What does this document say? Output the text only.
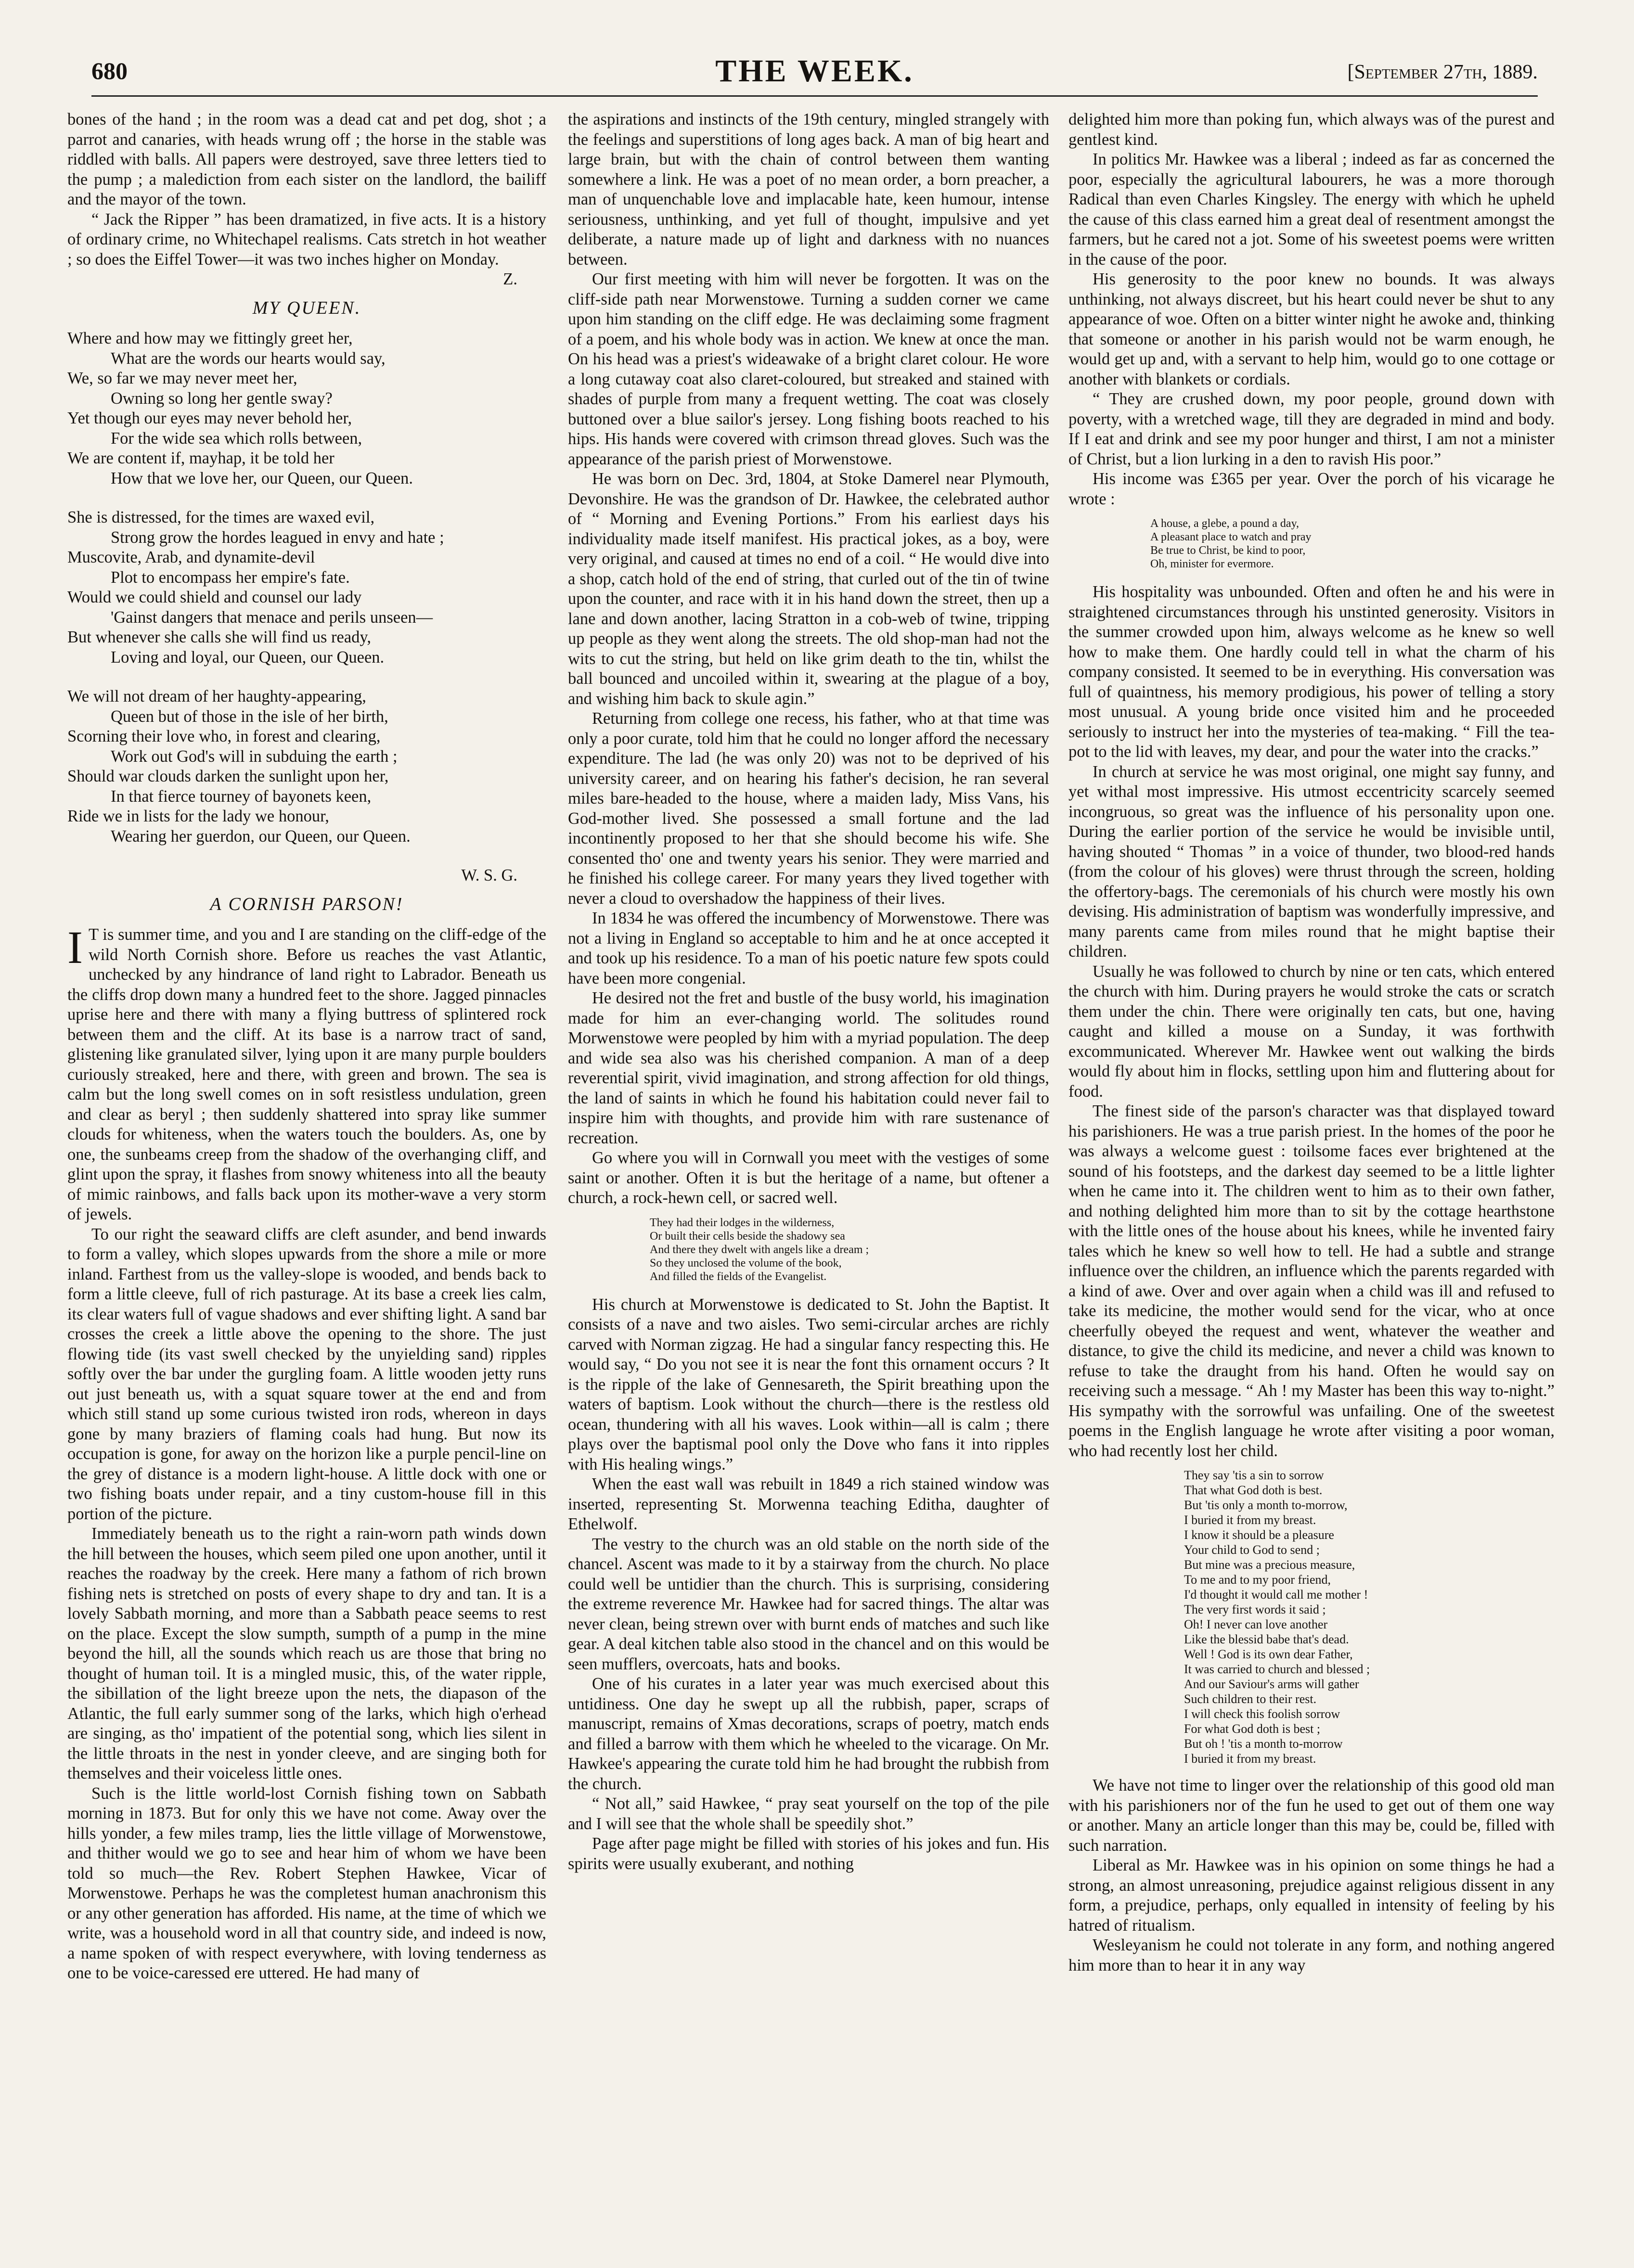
680	THE WEEK.	[September 27th, 1889.

bones of the hand ; in the room was a dead cat and pet dog, shot ; a parrot and canaries, with heads wrung off ; the horse in the stable was riddled with balls. All papers were destroyed, save three letters tied to the pump ; a malediction from each sister on the landlord, the bailiff and the mayor of the town.

“ Jack the Ripper ” has been dramatized, in five acts. It is a history of ordinary crime, no Whitechapel realisms. Cats stretch in hot weather ; so does the Eiffel Tower—it was two inches higher on Monday.

Z.
MY QUEEN.
Where and how may we fittingly greet her,
What are the words our hearts would say,
We, so far we may never meet her,
Owning so long her gentle sway?
Yet though our eyes may never behold her,
For the wide sea which rolls between,
We are content if, mayhap, it be told her
How that we love her, our Queen, our Queen.
She is distressed, for the times are waxed evil,
Strong grow the hordes leagued in envy and hate ;
Muscovite, Arab, and dynamite-devil
Plot to encompass her empire's fate.
Would we could shield and counsel our lady
'Gainst dangers that menace and perils unseen—
But whenever she calls she will find us ready,
Loving and loyal, our Queen, our Queen.
We will not dream of her haughty-appearing,
Queen but of those in the isle of her birth,
Scorning their love who, in forest and clearing,
Work out God's will in subduing the earth ;
Should war clouds darken the sunlight upon her,
In that fierce tourney of bayonets keen,
Ride we in lists for the lady we honour,
Wearing her guerdon, our Queen, our Queen.
W. S. G.
A CORNISH PARSON!

I T is summer time, and you and I are standing on the cliff-edge of the wild North Cornish shore. Before us reaches the vast Atlantic, unchecked by any hindrance of land right to Labrador. Beneath us the cliffs drop down many a hundred feet to the shore. Jagged pinnacles uprise here and there with many a flying buttress of splintered rock between them and the cliff. At its base is a narrow tract of sand, glistening like granulated silver, lying upon it are many purple boulders curiously streaked, here and there, with green and brown. The sea is calm but the long swell comes on in soft resistless undulation, green and clear as beryl ; then suddenly shattered into spray like summer clouds for whiteness, when the waters touch the boulders. As, one by one, the sunbeams creep from the shadow of the overhanging cliff, and glint upon the spray, it flashes from snowy whiteness into all the beauty of mimic rainbows, and falls back upon its mother-wave a very storm of jewels.

To our right the seaward cliffs are cleft asunder, and bend inwards to form a valley, which slopes upwards from the shore a mile or more inland. Farthest from us the valley-slope is wooded, and bends back to form a little cleeve, full of rich pasturage. At its base a creek lies calm, its clear waters full of vague shadows and ever shifting light. A sand bar crosses the creek a little above the opening to the shore. The just flowing tide (its vast swell checked by the unyielding sand) ripples softly over the bar under the gurgling foam. A little wooden jetty runs out just beneath us, with a squat square tower at the end and from which still stand up some curious twisted iron rods, whereon in days gone by many braziers of flaming coals had hung. But now its occupation is gone, for away on the horizon like a purple pencil-line on the grey of distance is a modern light-house. A little dock with one or two fishing boats under repair, and a tiny custom-house fill in this portion of the picture.

Immediately beneath us to the right a rain-worn path winds down the hill between the houses, which seem piled one upon another, until it reaches the roadway by the creek. Here many a fathom of rich brown fishing nets is stretched on posts of every shape to dry and tan. It is a lovely Sabbath morning, and more than a Sabbath peace seems to rest on the place. Except the slow sumpth, sumpth of a pump in the mine beyond the hill, all the sounds which reach us are those that bring no thought of human toil. It is a mingled music, this, of the water ripple, the sibillation of the light breeze upon the nets, the diapason of the Atlantic, the full early summer song of the larks, which high o'erhead are singing, as tho' impatient of the potential song, which lies silent in the little throats in the nest in yonder cleeve, and are singing both for themselves and their voiceless little ones.

Such is the little world-lost Cornish fishing town on Sabbath morning in 1873. But for only this we have not come. Away over the hills yonder, a few miles tramp, lies the little village of Morwenstowe, and thither would we go to see and hear him of whom we have been told so much—the Rev. Robert Stephen Hawkee, Vicar of Morwenstowe. Perhaps he was the completest human anachronism this or any other generation has afforded. His name, at the time of which we write, was a household word in all that country side, and indeed is now, a name spoken of with respect everywhere, with loving tenderness as one to be voice-caressed ere uttered. He had many of

the aspirations and instincts of the 19th century, mingled strangely with the feelings and superstitions of long ages back. A man of big heart and large brain, but with the chain of control between them wanting somewhere a link. He was a poet of no mean order, a born preacher, a man of unquenchable love and implacable hate, keen humour, intense seriousness, unthinking, and yet full of thought, impulsive and yet deliberate, a nature made up of light and darkness with no nuances between.

Our first meeting with him will never be forgotten. It was on the cliff-side path near Morwenstowe. Turning a sudden corner we came upon him standing on the cliff edge. He was declaiming some fragment of a poem, and his whole body was in action. We knew at once the man. On his head was a priest's wideawake of a bright claret colour. He wore a long cutaway coat also claret-coloured, but streaked and stained with shades of purple from many a frequent wetting. The coat was closely buttoned over a blue sailor's jersey. Long fishing boots reached to his hips. His hands were covered with crimson thread gloves. Such was the appearance of the parish priest of Morwenstowe.

He was born on Dec. 3rd, 1804, at Stoke Damerel near Plymouth, Devonshire. He was the grandson of Dr. Hawkee, the celebrated author of “ Morning and Evening Portions.” From his earliest days his individuality made itself manifest. His practical jokes, as a boy, were very original, and caused at times no end of a coil. “ He would dive into a shop, catch hold of the end of string, that curled out of the tin of twine upon the counter, and race with it in his hand down the street, then up a lane and down another, lacing Stratton in a cob-web of twine, tripping up people as they went along the streets. The old shop-man had not the wits to cut the string, but held on like grim death to the tin, whilst the ball bounced and uncoiled within it, swearing at the plague of a boy, and wishing him back to skule agin.”

Returning from college one recess, his father, who at that time was only a poor curate, told him that he could no longer afford the necessary expenditure. The lad (he was only 20) was not to be deprived of his university career, and on hearing his father's decision, he ran several miles bare-headed to the house, where a maiden lady, Miss Vans, his God-mother lived. She possessed a small fortune and the lad incontinently proposed to her that she should become his wife. She consented tho' one and twenty years his senior. They were married and he finished his college career. For many years they lived together with never a cloud to overshadow the happiness of their lives.

In 1834 he was offered the incumbency of Morwenstowe. There was not a living in England so acceptable to him and he at once accepted it and took up his residence. To a man of his poetic nature few spots could have been more congenial.

He desired not the fret and bustle of the busy world, his imagination made for him an ever-changing world. The solitudes round Morwenstowe were peopled by him with a myriad population. The deep and wide sea also was his cherished companion. A man of a deep reverential spirit, vivid imagination, and strong affection for old things, the land of saints in which he found his habitation could never fail to inspire him with thoughts, and provide him with rare sustenance of recreation.

Go where you will in Cornwall you meet with the vestiges of some saint or another. Often it is but the heritage of a name, but oftener a church, a rock-hewn cell, or sacred well.

They had their lodges in the wilderness,
Or built their cells beside the shadowy sea
And there they dwelt with angels like a dream ;
So they unclosed the volume of the book,
And filled the fields of the Evangelist.

His church at Morwenstowe is dedicated to St. John the Baptist. It consists of a nave and two aisles. Two semi-circular arches are richly carved with Norman zigzag. He had a singular fancy respecting this. He would say, “ Do you not see it is near the font this ornament occurs ? It is the ripple of the lake of Gennesareth, the Spirit breathing upon the waters of baptism. Look without the church—there is the restless old ocean, thundering with all his waves. Look within—all is calm ; there plays over the baptismal pool only the Dove who fans it into ripples with His healing wings.”

When the east wall was rebuilt in 1849 a rich stained window was inserted, representing St. Morwenna teaching Editha, daughter of Ethelwolf.

The vestry to the church was an old stable on the north side of the chancel. Ascent was made to it by a stairway from the church. No place could well be untidier than the church. This is surprising, considering the extreme reverence Mr. Hawkee had for sacred things. The altar was never clean, being strewn over with burnt ends of matches and such like gear. A deal kitchen table also stood in the chancel and on this would be seen mufflers, overcoats, hats and books.

One of his curates in a later year was much exercised about this untidiness. One day he swept up all the rubbish, paper, scraps of manuscript, remains of Xmas decorations, scraps of poetry, match ends and filled a barrow with them which he wheeled to the vicarage. On Mr. Hawkee's appearing the curate told him he had brought the rubbish from the church.

“ Not all,” said Hawkee, “ pray seat yourself on the top of the pile and I will see that the whole shall be speedily shot.”

Page after page might be filled with stories of his jokes and fun. His spirits were usually exuberant, and nothing

delighted him more than poking fun, which always was of the purest and gentlest kind.

In politics Mr. Hawkee was a liberal ; indeed as far as concerned the poor, especially the agricultural labourers, he was a more thorough Radical than even Charles Kingsley. The energy with which he upheld the cause of this class earned him a great deal of resentment amongst the farmers, but he cared not a jot. Some of his sweetest poems were written in the cause of the poor.

His generosity to the poor knew no bounds. It was always unthinking, not always discreet, but his heart could never be shut to any appearance of woe. Often on a bitter winter night he awoke and, thinking that someone or another in his parish would not be warm enough, he would get up and, with a servant to help him, would go to one cottage or another with blankets or cordials.

“ They are crushed down, my poor people, ground down with poverty, with a wretched wage, till they are degraded in mind and body. If I eat and drink and see my poor hunger and thirst, I am not a minister of Christ, but a lion lurking in a den to ravish His poor.”

His income was £365 per year. Over the porch of his vicarage he wrote :

A house, a glebe, a pound a day,
A pleasant place to watch and pray
Be true to Christ, be kind to poor,
Oh, minister for evermore.

His hospitality was unbounded. Often and often he and his were in straightened circumstances through his unstinted generosity. Visitors in the summer crowded upon him, always welcome as he knew so well how to make them. One hardly could tell in what the charm of his company consisted. It seemed to be in everything. His conversation was full of quaintness, his memory prodigious, his power of telling a story most unusual. A young bride once visited him and he proceeded seriously to instruct her into the mysteries of tea-making. “ Fill the tea-pot to the lid with leaves, my dear, and pour the water into the cracks.”

In church at service he was most original, one might say funny, and yet withal most impressive. His utmost eccentricity scarcely seemed incongruous, so great was the influence of his personality upon one. During the earlier portion of the service he would be invisible until, having shouted “ Thomas ” in a voice of thunder, two blood-red hands (from the colour of his gloves) were thrust through the screen, holding the offertory-bags. The ceremonials of his church were mostly his own devising. His administration of baptism was wonderfully impressive, and many parents came from miles round that he might baptise their children.

Usually he was followed to church by nine or ten cats, which entered the church with him. During prayers he would stroke the cats or scratch them under the chin. There were originally ten cats, but one, having caught and killed a mouse on a Sunday, it was forthwith excommunicated. Wherever Mr. Hawkee went out walking the birds would fly about him in flocks, settling upon him and fluttering about for food.

The finest side of the parson's character was that displayed toward his parishioners. He was a true parish priest. In the homes of the poor he was always a welcome guest : toilsome faces ever brightened at the sound of his footsteps, and the darkest day seemed to be a little lighter when he came into it. The children went to him as to their own father, and nothing delighted him more than to sit by the cottage hearthstone with the little ones of the house about his knees, while he invented fairy tales which he knew so well how to tell. He had a subtle and strange influence over the children, an influence which the parents regarded with a kind of awe. Over and over again when a child was ill and refused to take its medicine, the mother would send for the vicar, who at once cheerfully obeyed the request and went, whatever the weather and distance, to give the child its medicine, and never a child was known to refuse to take the draught from his hand. Often he would say on receiving such a message. “ Ah ! my Master has been this way to-night.” His sympathy with the sorrowful was unfailing. One of the sweetest poems in the English language he wrote after visiting a poor woman, who had recently lost her child.

They say 'tis a sin to sorrow
That what God doth is best.
But 'tis only a month to-morrow,
I buried it from my breast.
I know it should be a pleasure
Your child to God to send ;
But mine was a precious measure,
To me and to my poor friend,
I'd thought it would call me mother !
The very first words it said ;
Oh! I never can love another
Like the blessid babe that's dead.
Well ! God is its own dear Father,
It was carried to church and blessed ;
And our Saviour's arms will gather
Such children to their rest.
I will check this foolish sorrow
For what God doth is best ;
But oh ! 'tis a month to-morrow
I buried it from my breast.

We have not time to linger over the relationship of this good old man with his parishioners nor of the fun he used to get out of them one way or another. Many an article longer than this may be, could be, filled with such narration.

Liberal as Mr. Hawkee was in his opinion on some things he had a strong, an almost unreasoning, prejudice against religious dissent in any form, a prejudice, perhaps, only equalled in intensity of feeling by his hatred of ritualism.

Wesleyanism he could not tolerate in any form, and nothing angered him more than to hear it in any way
